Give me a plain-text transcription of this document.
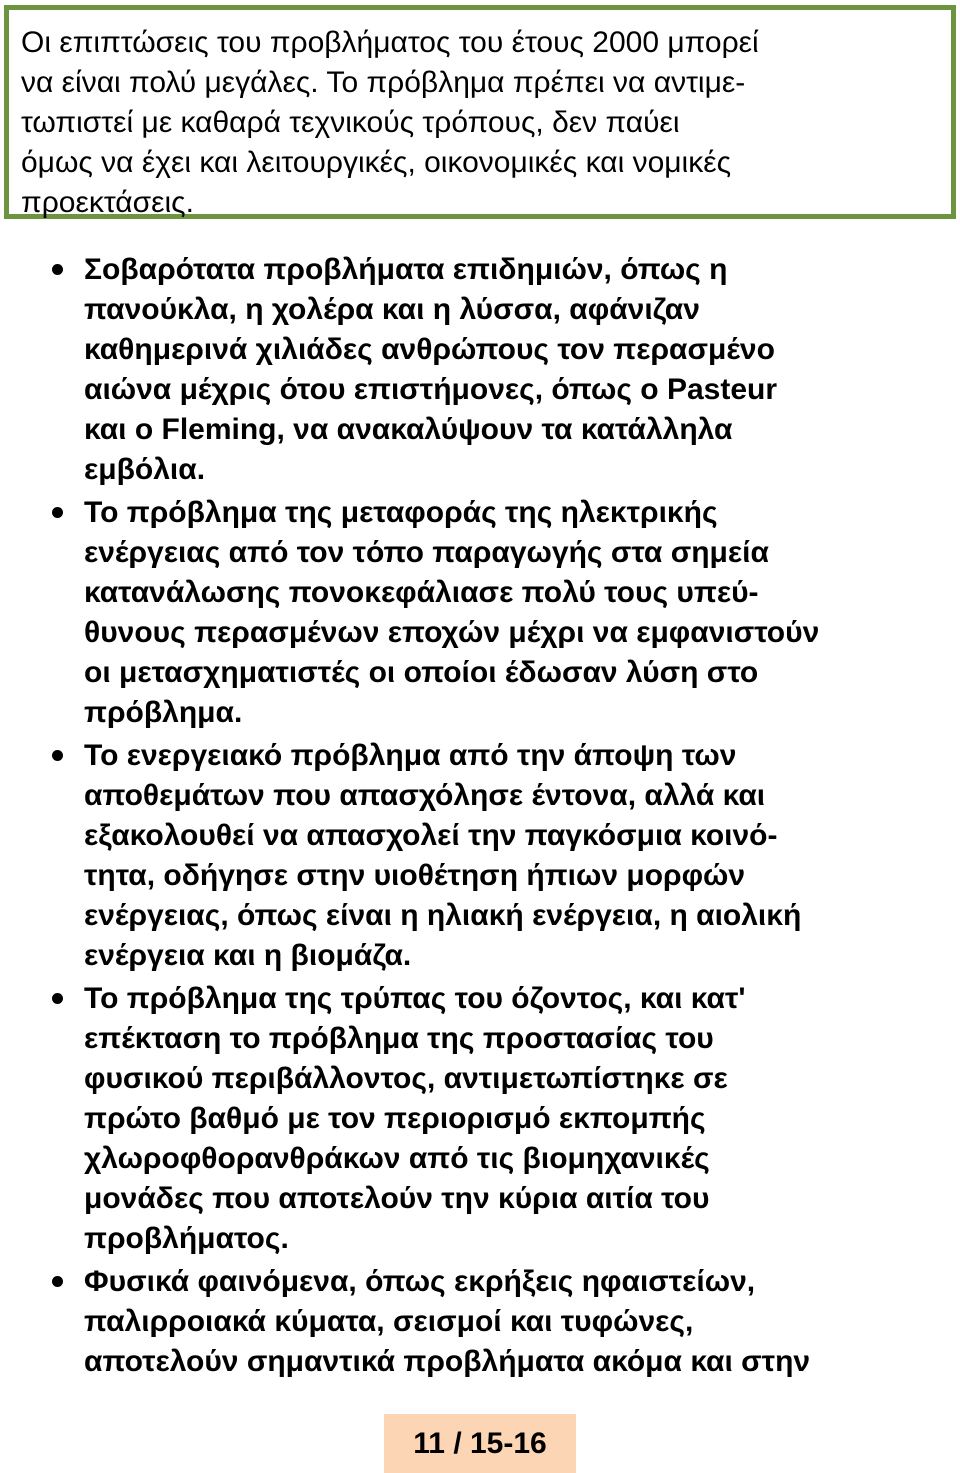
Οι επιπτώσεις του προβλήματος του έτους 2000 μπορεί
να είναι πολύ μεγάλες. Το πρόβλημα πρέπει να αντιμε-
τωπιστεί με καθαρά τεχνικούς τρόπους, δεν παύει
όμως να έχει και λειτουργικές, οικονομικές και νομικές
προεκτάσεις.

Σοβαρότατα προβλήματα επιδημιών, όπως η
πανούκλα, η χολέρα και η λύσσα, αφάνιζαν
καθημερινά χιλιάδες ανθρώπους τον περασμένο
αιώνα μέχρις ότου επιστήμονες, όπως ο Pasteur
και ο Fleming, να ανακαλύψουν τα κατάλληλα
εμβόλια.
Το πρόβλημα της μεταφοράς της ηλεκτρικής
ενέργειας από τον τόπο παραγωγής στα σημεία
κατανάλωσης πονοκεφάλιασε πολύ τους υπεύ-
θυνους περασμένων εποχών μέχρι να εμφανιστούν
οι μετασχηματιστές οι οποίοι έδωσαν λύση στο
πρόβλημα.
Το ενεργειακό πρόβλημα από την άποψη των
αποθεμάτων που απασχόλησε έντονα, αλλά και
εξακολουθεί να απασχολεί την παγκόσμια κοινό-
τητα, οδήγησε στην υιοθέτηση ήπιων μορφών
ενέργειας, όπως είναι η ηλιακή ενέργεια, η αιολική
ενέργεια και η βιομάζα.
Το πρόβλημα της τρύπας του όζοντος, και κατ'
επέκταση το πρόβλημα της προστασίας του
φυσικού περιβάλλοντος, αντιμετωπίστηκε σε
πρώτο βαθμό με τον περιορισμό εκπομπής
χλωροφθορανθράκων από τις βιομηχανικές
μονάδες που αποτελούν την κύρια αιτία του
προβλήματος.
Φυσικά φαινόμενα, όπως εκρήξεις ηφαιστείων,
παλιρροιακά κύματα, σεισμοί και τυφώνες,
αποτελούν σημαντικά προβλήματα ακόμα και στην
11 / 15-16
